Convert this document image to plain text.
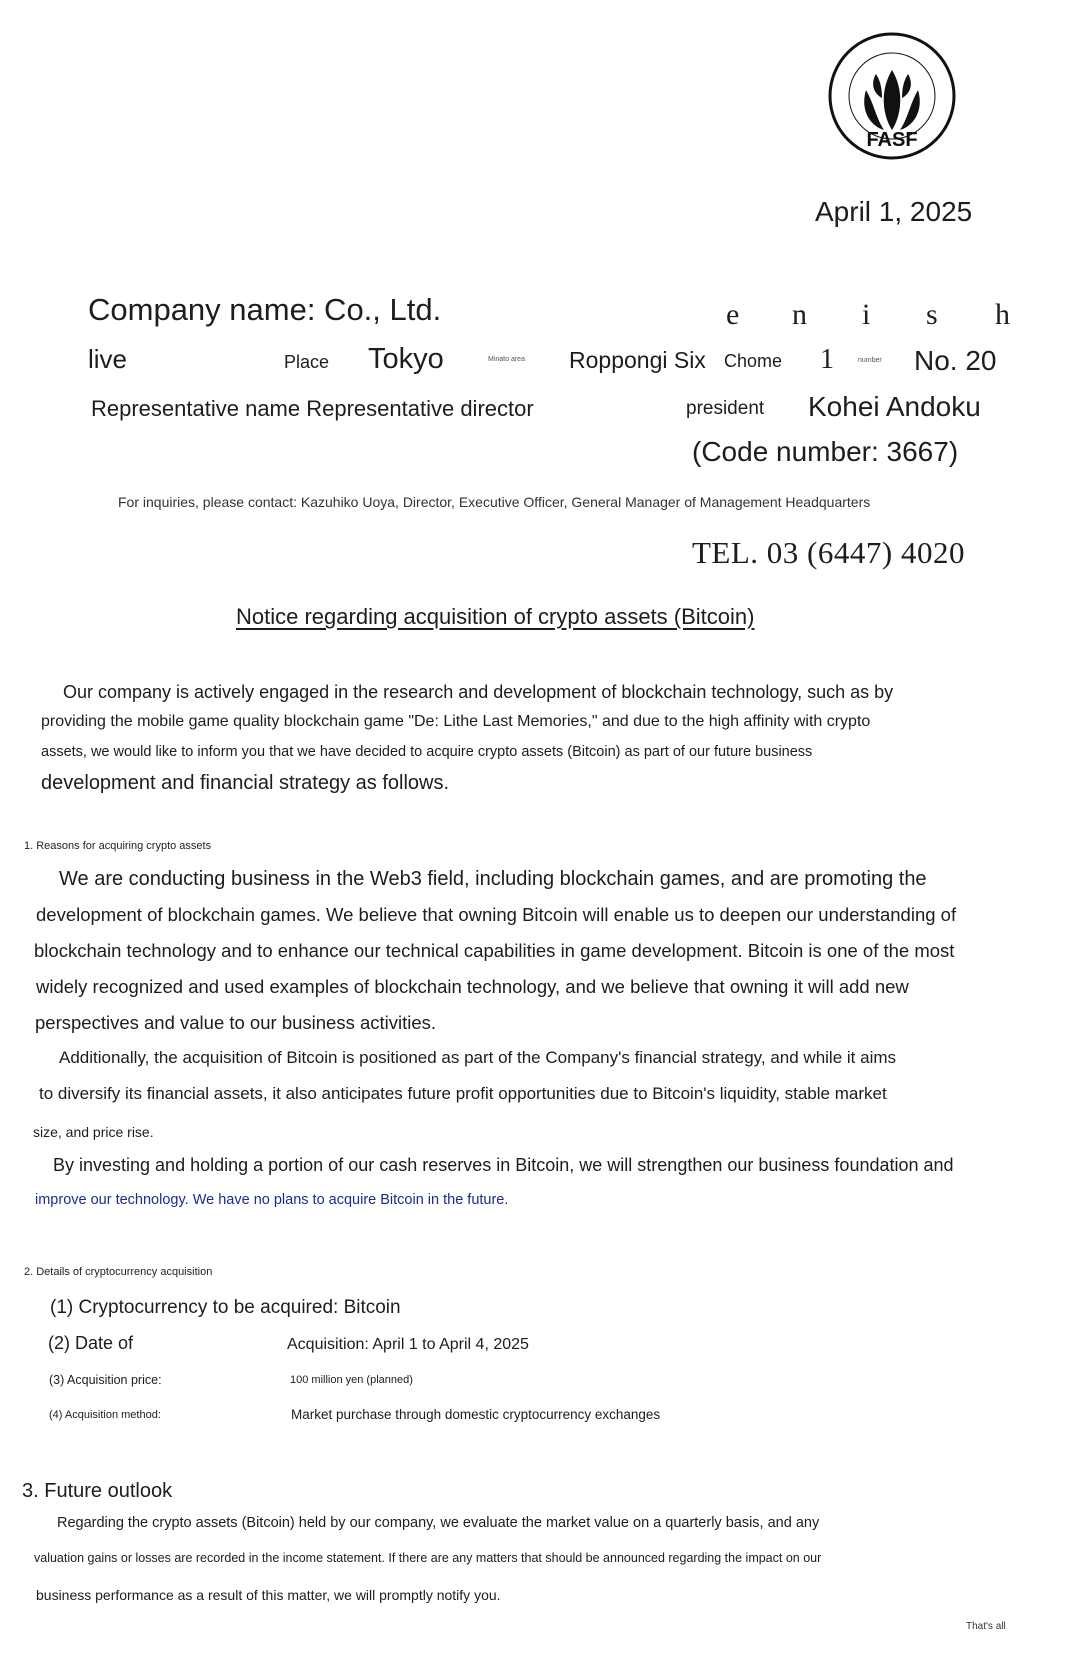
FASF
April 1, 2025
Company name: Co., Ltd.	e n i s h
live	Place Tokyo	Minato area Roppongi Six Chome 1	number No. 20
Representative name Representative director	president Kohei Andoku
(Code number: 3667)
For inquiries, please contact: Kazuhiko Uoya, Director, Executive Officer, General Manager of Management Headquarters
TEL. 03 (6447) 4020
Notice regarding acquisition of crypto assets (Bitcoin)
Our company is actively engaged in the research and development of blockchain technology, such as by
providing the mobile game quality blockchain game "De: Lithe Last Memories," and due to the high affinity with crypto
assets, we would like to inform you that we have decided to acquire crypto assets (Bitcoin) as part of our future business
development and financial strategy as follows.
1. Reasons for acquiring crypto assets
We are conducting business in the Web3 field, including blockchain games, and are promoting the
development of blockchain games. We believe that owning Bitcoin will enable us to deepen our understanding of
blockchain technology and to enhance our technical capabilities in game development. Bitcoin is one of the most
widely recognized and used examples of blockchain technology, and we believe that owning it will add new
perspectives and value to our business activities.
Additionally, the acquisition of Bitcoin is positioned as part of the Company's financial strategy, and while it aims
to diversify its financial assets, it also anticipates future profit opportunities due to Bitcoin's liquidity, stable market
size, and price rise.
By investing and holding a portion of our cash reserves in Bitcoin, we will strengthen our business foundation and
improve our technology. We have no plans to acquire Bitcoin in the future.
2. Details of cryptocurrency acquisition
(1) Cryptocurrency to be acquired: Bitcoin
(2) Date of	Acquisition: April 1 to April 4, 2025
(3) Acquisition price:	100 million yen (planned)
(4) Acquisition method:	Market purchase through domestic cryptocurrency exchanges
3. Future outlook
Regarding the crypto assets (Bitcoin) held by our company, we evaluate the market value on a quarterly basis, and any
valuation gains or losses are recorded in the income statement. If there are any matters that should be announced regarding the impact on our
business performance as a result of this matter, we will promptly notify you.
That's all
